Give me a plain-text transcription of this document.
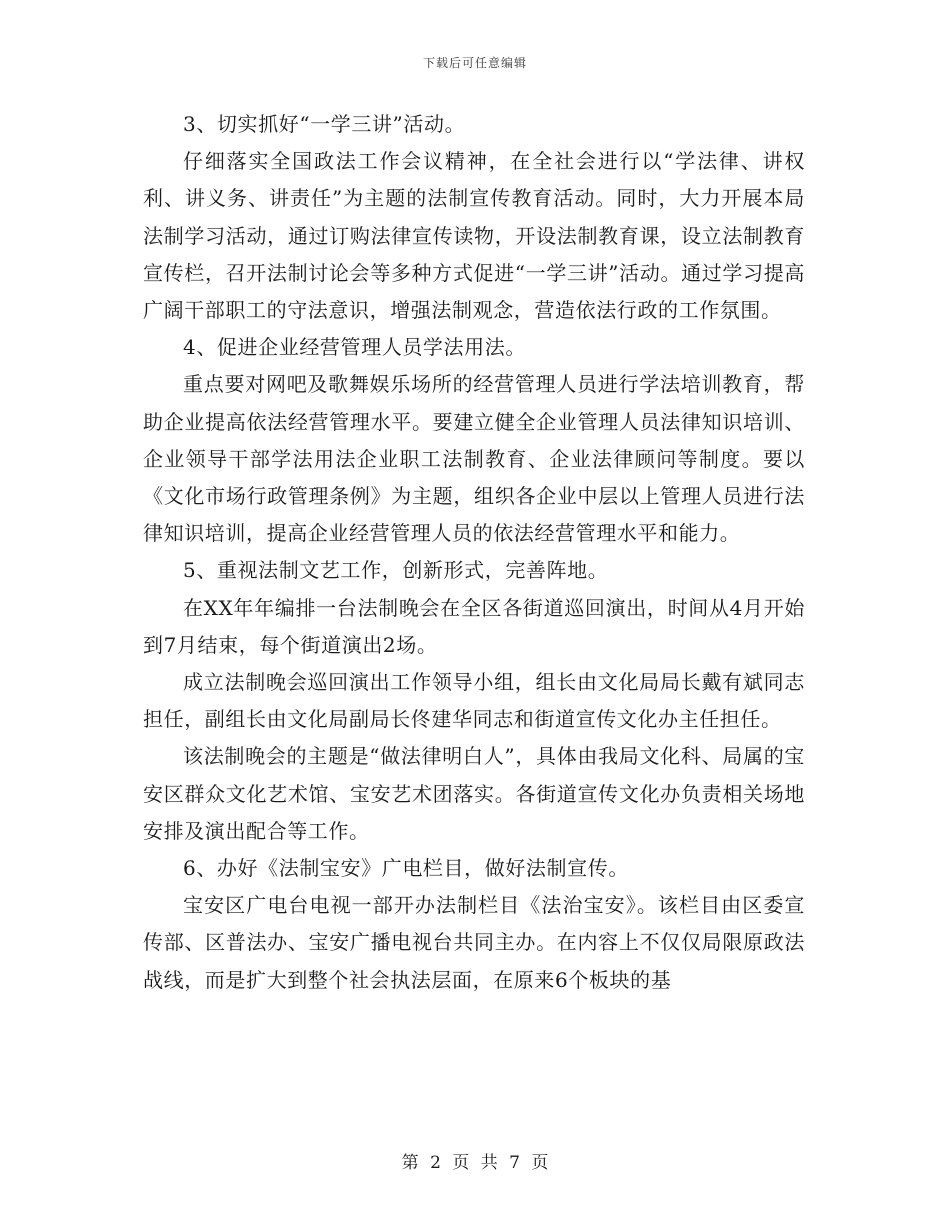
下载后可任意编辑

3、切实抓好“一学三讲”活动。

仔细落实全国政法工作会议精神，在全社会进行以“学法律、讲权利、讲义务、讲责任”为主题的法制宣传教育活动。同时，大力开展本局法制学习活动，通过订购法律宣传读物，开设法制教育课，设立法制教育宣传栏，召开法制讨论会等多种方式促进“一学三讲”活动。通过学习提高广阔干部职工的守法意识，增强法制观念，营造依法行政的工作氛围。

4、促进企业经营管理人员学法用法。

重点要对网吧及歌舞娱乐场所的经营管理人员进行学法培训教育，帮助企业提高依法经营管理水平。要建立健全企业管理人员法律知识培训、企业领导干部学法用法企业职工法制教育、企业法律顾问等制度。要以《文化市场行政管理条例》为主题，组织各企业中层以上管理人员进行法律知识培训，提高企业经营管理人员的依法经营管理水平和能力。

5、重视法制文艺工作，创新形式，完善阵地。

在XX年年编排一台法制晚会在全区各街道巡回演出，时间从4月开始到7月结束，每个街道演出2场。

成立法制晚会巡回演出工作领导小组，组长由文化局局长戴有斌同志担任，副组长由文化局副局长佟建华同志和街道宣传文化办主任担任。

该法制晚会的主题是“做法律明白人”，具体由我局文化科、局属的宝安区群众文化艺术馆、宝安艺术团落实。各街道宣传文化办负责相关场地安排及演出配合等工作。

6、办好《法制宝安》广电栏目，做好法制宣传。

宝安区广电台电视一部开办法制栏目《法治宝安》。该栏目由区委宣传部、区普法办、宝安广播电视台共同主办。在内容上不仅仅局限原政法战线，而是扩大到整个社会执法层面，在原来6个板块的基

第 2 页 共 7 页
